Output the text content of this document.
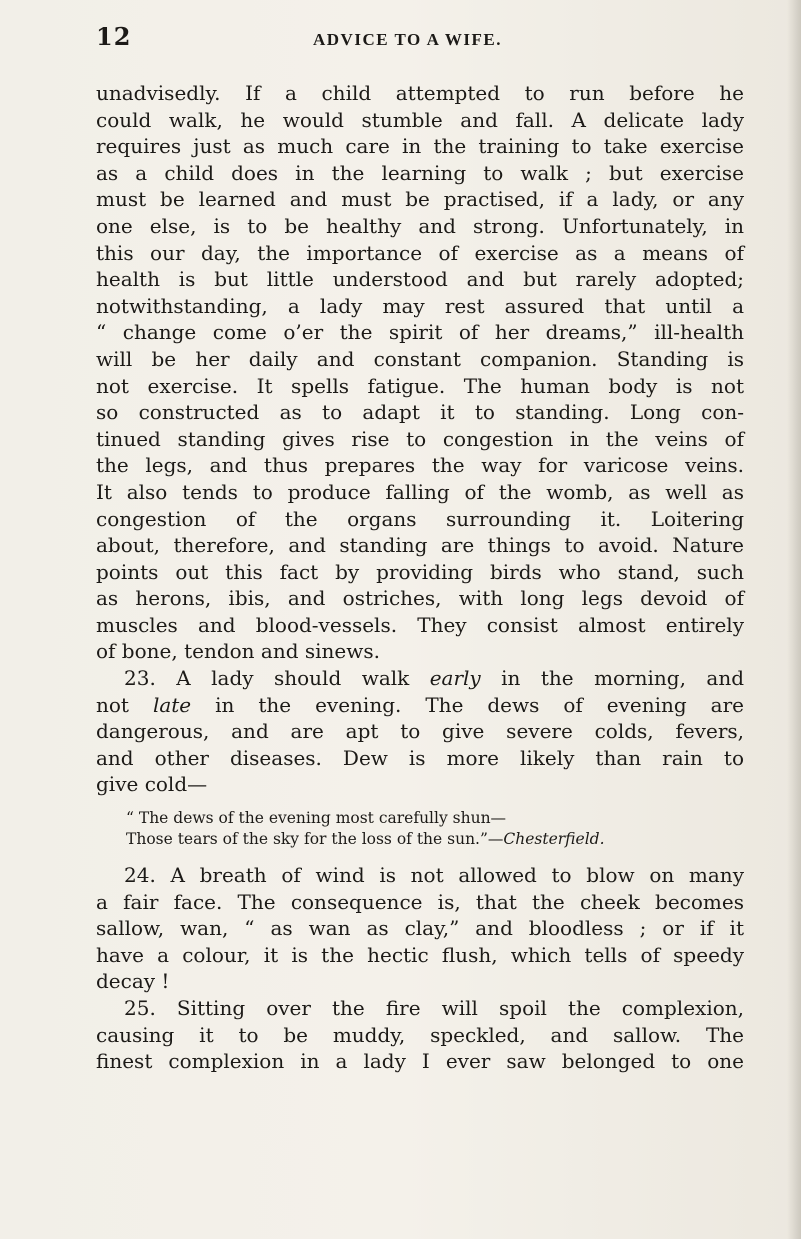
12	ADVICE TO A WIFE.
unadvisedly. If a child attempted to run before he
could walk, he would stumble and fall. A delicate lady
requires just as much care in the training to take exercise
as a child does in the learning to walk ; but exercise
must be learned and must be practised, if a lady, or any
one else, is to be healthy and strong. Unfortunately, in
this our day, the importance of exercise as a means of
health is but little understood and but rarely adopted;
notwithstanding, a lady may rest assured that until a
“ change come o’er the spirit of her dreams,” ill-health
will be her daily and constant companion. Standing is
not exercise. It spells fatigue. The human body is not
so constructed as to adapt it to standing. Long con-
tinued standing gives rise to congestion in the veins of
the legs, and thus prepares the way for varicose veins.
It also tends to produce falling of the womb, as well as
congestion of the organs surrounding it. Loitering
about, therefore, and standing are things to avoid. Nature
points out this fact by providing birds who stand, such
as herons, ibis, and ostriches, with long legs devoid of
muscles and blood-vessels. They consist almost entirely
of bone, tendon and sinews.
23. A lady should walk early in the morning, and
not late in the evening. The dews of evening are
dangerous, and are apt to give severe colds, fevers,
and other diseases. Dew is more likely than rain to
give cold—
“ The dews of the evening most carefully shun—
Those tears of the sky for the loss of the sun.”—Chesterfield.
24. A breath of wind is not allowed to blow on many
a fair face. The consequence is, that the cheek becomes
sallow, wan, “ as wan as clay,” and bloodless ; or if it
have a colour, it is the hectic flush, which tells of speedy
decay !
25. Sitting over the fire will spoil the complexion,
causing it to be muddy, speckled, and sallow. The
finest complexion in a lady I ever saw belonged to one
